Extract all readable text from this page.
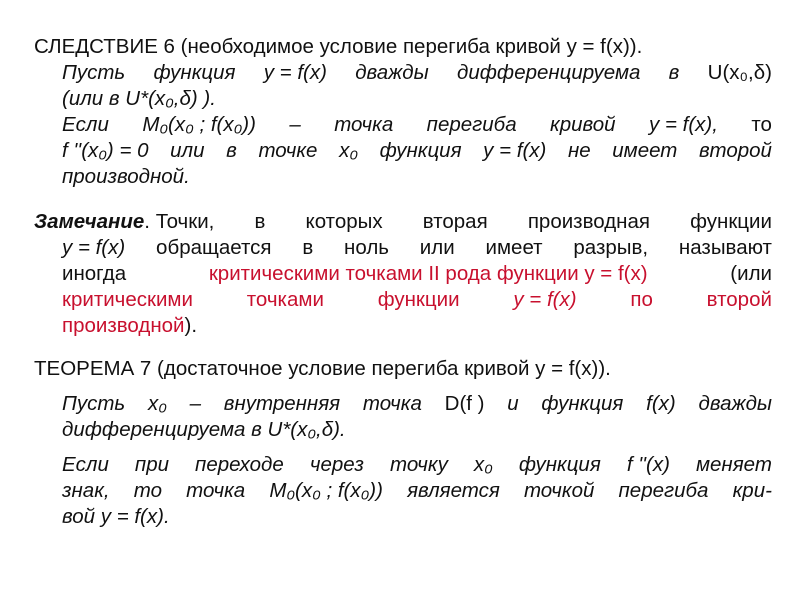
СЛЕДСТВИЕ 6 (необходимое условие перегиба кривой y = f(x)).
Пусть функция y = f(x) дважды дифференцируема в U(x₀,δ)
(или в U*(x₀,δ) ).
Если M₀(x₀ ; f(x₀)) – точка перегиба кривой y = f(x), то
f ''(x₀) = 0 или в точке x₀ функция y = f(x) не имеет второй
производной.
Замечание. Точки, в которых вторая производная функции
y = f(x) обращается в ноль или имеет разрыв, называют
иногда	критическими точками II рода функции y = f(x)	(или
критическими	точками	функции	y = f(x)	по	второй
производной).
ТЕОРЕМА 7 (достаточное условие перегиба кривой y = f(x)).
Пусть x₀ – внутренняя точка D(f ) и функция f(x) дважды
дифференцируема в U*(x₀,δ).
Если при переходе через точку x₀ функция f ''(x) меняет
знак, то точка M₀(x₀ ; f(x₀)) является точкой перегиба кри-
вой y = f(x).
